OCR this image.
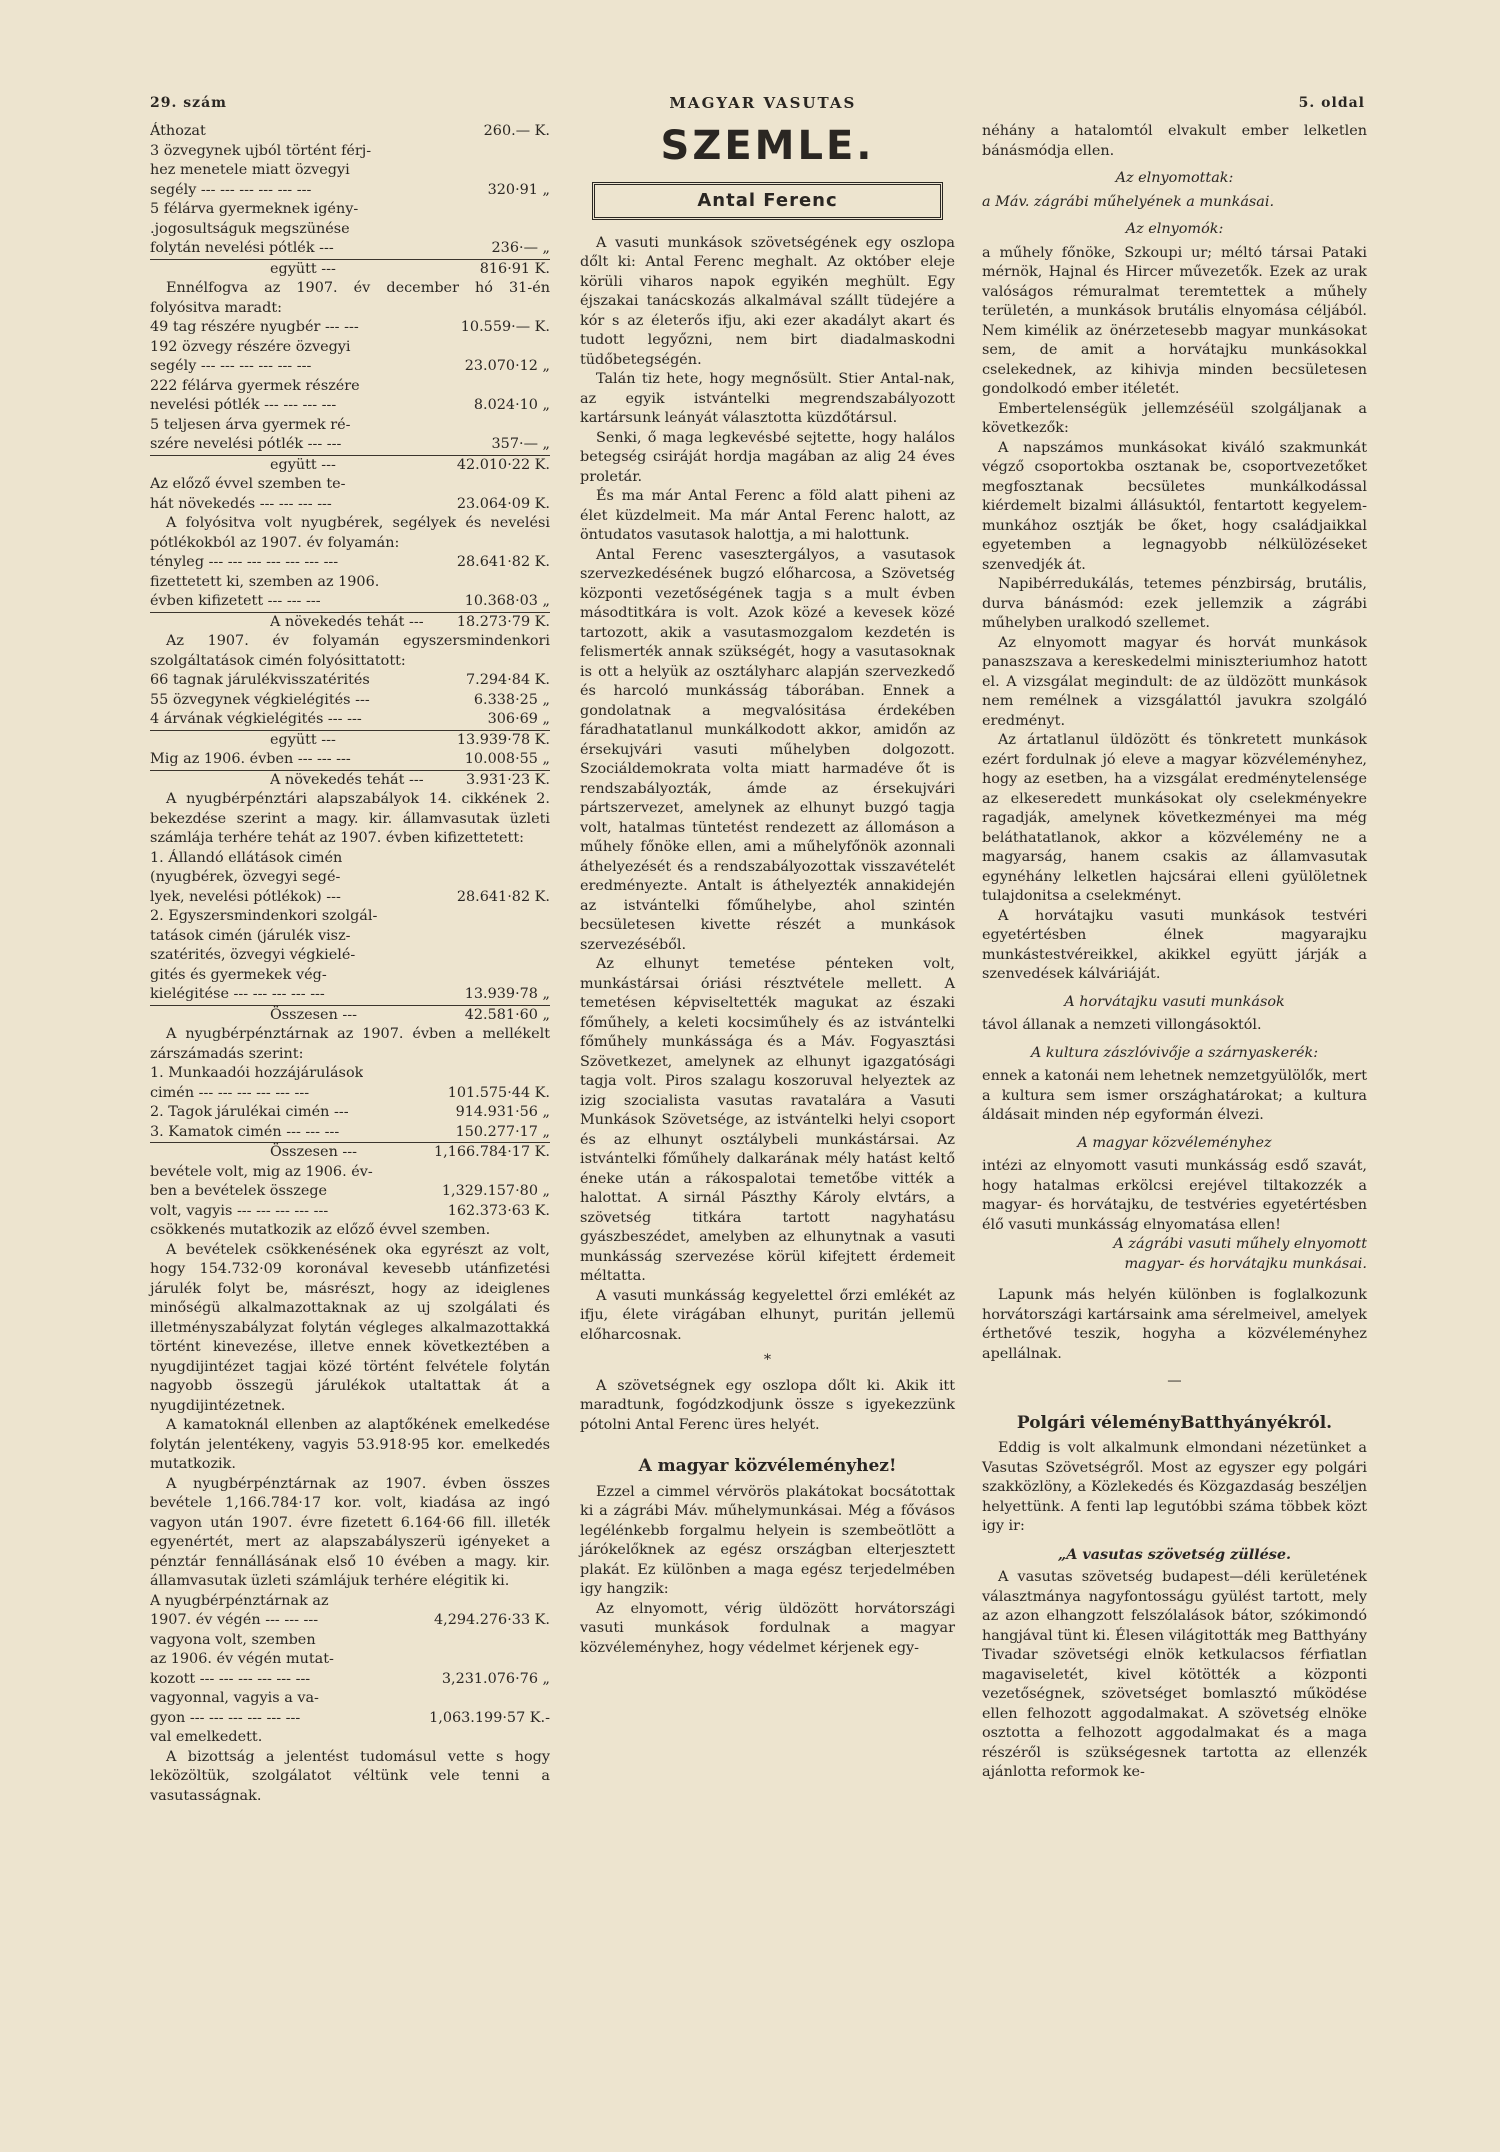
29. szám	MAGYAR VASUTAS	5. oldal
Áthozat	260.— K.
3 özvegynek ujból történt férj-
hez menetele miatt özvegyi
segély --- --- --- --- --- ---	320·91 „
5 félárva gyermeknek igény-
.jogosultságuk megszünése
folytán nevelési pótlék ---	236·— „
együtt ---	816·91 K.

Ennélfogva az 1907. év december hó 31-én folyósitva maradt:

49 tag részére nyugbér --- ---	10.559·— K.
192 özvegy részére özvegyi
segély --- --- --- --- --- ---	23.070·12 „
222 félárva gyermek részére
nevelési pótlék --- --- --- ---	8.024·10 „
5 teljesen árva gyermek ré-
szére nevelési pótlék --- ---	357·— „
együtt ---	42.010·22 K.
Az előző évvel szemben te-
hát növekedés --- --- --- ---	23.064·09 K.

A folyósitva volt nyugbérek, segélyek és nevelési pótlékokból az 1907. év folyamán:

tényleg --- --- --- --- --- --- ---	28.641·82 K.
fizettetett ki, szemben az 1906.
évben kifizetett --- --- ---	10.368·03 „
A növekedés tehát ---	18.273·79 K.

Az 1907. év folyamán egyszersmindenkori szolgáltatások cimén folyósittatott:

66 tagnak járulékvisszatérités	7.294·84 K.
55 özvegynek végkielégités ---	6.338·25 „
4 árvának végkielégités --- ---	306·69 „
együtt ---	13.939·78 K.
Mig az 1906. évben --- --- ---	10.008·55 „
A növekedés tehát ---	3.931·23 K.

A nyugbérpénztári alapszabályok 14. cikkének 2. bekezdése szerint a magy. kir. államvasutak üzleti számlája terhére tehát az 1907. évben kifizettetett:

1. Állandó ellátások cimén
(nyugbérek, özvegyi segé-
lyek, nevelési pótlékok) ---	28.641·82 K.
2. Egyszersmindenkori szolgál-
tatások cimén (járulék visz-
szatérités, özvegyi végkielé-
gités és gyermekek vég-
kielégitése --- --- --- --- ---	13.939·78 „
Összesen ---	42.581·60 „

A nyugbérpénztárnak az 1907. évben a mellékelt zárszámadás szerint:

1. Munkaadói hozzájárulások
cimén --- --- --- --- --- ---	101.575·44 K.
2. Tagok járulékai cimén ---	914.931·56 „
3. Kamatok cimén --- --- ---	150.277·17 „
Összesen ---	1,166.784·17 K.
bevétele volt, mig az 1906. év-
ben a bevételek összege	1,329.157·80 „
volt, vagyis --- --- --- --- ---	162.373·63 K.

csökkenés mutatkozik az előző évvel szemben.

A bevételek csökkenésének oka egyrészt az volt, hogy 154.732·09 koronával kevesebb utánfizetési járulék folyt be, másrészt, hogy az ideiglenes minőségü alkalmazottaknak az uj szolgálati és illetményszabályzat folytán végleges alkalmazottakká történt kinevezése, illetve ennek következtében a nyugdijintézet tagjai közé történt felvétele folytán nagyobb összegü járulékok utaltattak át a nyugdijintézetnek.

A kamatoknál ellenben az alaptőkének emelkedése folytán jelentékeny, vagyis 53.918·95 kor. emelkedés mutatkozik.

A nyugbérpénztárnak az 1907. évben összes bevétele 1,166.784·17 kor. volt, kiadása az ingó vagyon után 1907. évre fizetett 6.164·66 fill. illeték egyenértét, mert az alapszabályszerü igényeket a pénztár fennállásának első 10 évében a magy. kir. államvasutak üzleti számlájuk terhére elégitik ki.

A nyugbérpénztárnak az
1907. év végén --- --- ---	4,294.276·33 K.
vagyona volt, szemben
az 1906. év végén mutat-
kozott --- --- --- --- --- ---	3,231.076·76 „
vagyonnal, vagyis a va-
gyon --- --- --- --- --- ---	1,063.199·57 K.-

val emelkedett.

A bizottság a jelentést tudomásul vette s hogy leközöltük, szolgálatot véltünk vele tenni a vasutasságnak.

SZEMLE.
Antal Ferenc

A vasuti munkások szövetségének egy oszlopa dőlt ki: Antal Ferenc meghalt. Az október eleje körüli viharos napok egyikén meghült. Egy éjszakai tanácskozás alkalmával szállt tüdejére a kór s az életerős ifju, aki ezer akadályt akart és tudott legyőzni, nem birt diadalmaskodni tüdőbetegségén.

Talán tiz hete, hogy megnősült. Stier Antal-nak, az egyik istvántelki megrendszabályozott kartársunk leányát választotta küzdőtársul.

Senki, ő maga legkevésbé sejtette, hogy halálos betegség csiráját hordja magában az alig 24 éves proletár.

És ma már Antal Ferenc a föld alatt piheni az élet küzdelmeit. Ma már Antal Ferenc halott, az öntudatos vasutasok halottja, a mi halottunk.

Antal Ferenc vasesztergályos, a vasutasok szervezkedésének bugzó előharcosa, a Szövetség központi vezetőségének tagja s a mult évben másodtitkára is volt. Azok közé a kevesek közé tartozott, akik a vasutasmozgalom kezdetén is felismerték annak szükségét, hogy a vasutasoknak is ott a helyük az osztályharc alapján szervezkedő és harcoló munkásság táborában. Ennek a gondolatnak a megvalósitása érdekében fáradhatatlanul munkálkodott akkor, amidőn az érsekujvári vasuti műhelyben dolgozott. Szociáldemokrata volta miatt harmadéve őt is rendszabályozták, ámde az érsekujvári pártszervezet, amelynek az elhunyt buzgó tagja volt, hatalmas tüntetést rendezett az állomáson a műhely főnöke ellen, ami a műhelyfőnök azonnali áthelyezését és a rendszabályozottak visszavételét eredményezte. Antalt is áthelyezték annakidején az istvántelki főműhelybe, ahol szintén becsületesen kivette részét a munkások szervezéséből.

Az elhunyt temetése pénteken volt, munkástársai óriási résztvétele mellett. A temetésen képviseltették magukat az északi főműhely, a keleti kocsiműhely és az istvántelki főműhely munkássága és a Máv. Fogyasztási Szövetkezet, amelynek az elhunyt igazgatósági tagja volt. Piros szalagu koszoruval helyeztek az izig szocialista vasutas ravatalára a Vasuti Munkások Szövetsége, az istvántelki helyi csoport és az elhunyt osztálybeli munkástársai. Az istvántelki főműhely dalkarának mély hatást keltő éneke után a rákospalotai temetőbe vitték a halottat. A sirnál Pászthy Károly elvtárs, a szövetség titkára tartott nagyhatásu gyászbeszédet, amelyben az elhunytnak a vasuti munkásság szervezése körül kifejtett érdemeit méltatta.

A vasuti munkásság kegyelettel őrzi emlékét az ifju, élete virágában elhunyt, puritán jellemü előharcosnak.

*

A szövetségnek egy oszlopa dőlt ki. Akik itt maradtunk, fogódzkodjunk össze s igyekezzünk pótolni Antal Ferenc üres helyét.

A magyar közvéleményhez!

Ezzel a cimmel vérvörös plakátokat bocsátottak ki a zágrábi Máv. műhelymunkásai. Még a fővásos legélénkebb forgalmu helyein is szembeötlött a járókelőknek az egész országban elterjesztett plakát. Ez különben a maga egész terjedelmében igy hangzik:

Az elnyomott, vérig üldözött horvátországi vasuti munkások fordulnak a magyar közvéleményhez, hogy védelmet kérjenek egy-

néhány a hatalomtól elvakult ember lelketlen bánásmódja ellen.

Az elnyomottak:

a Máv. zágrábi műhelyének a munkásai.

Az elnyomók:

a műhely főnöke, Szkoupi ur; méltó társai Pataki mérnök, Hajnal és Hircer művezetők. Ezek az urak valóságos rémuralmat teremtettek a műhely területén, a munkások brutális elnyomása céljából. Nem kimélik az önérzetesebb magyar munkásokat sem, de amit a horvátajku munkásokkal cselekednek, az kihivja minden becsületesen gondolkodó ember itéletét.

Embertelenségük jellemzéséül szolgáljanak a következők:

A napszámos munkásokat kiváló szakmunkát végző csoportokba osztanak be, csoportvezetőket megfosztanak becsületes munkálkodással kiérdemelt bizalmi állásuktól, fentartott kegyelem-munkához osztják be őket, hogy családjaikkal egyetemben a legnagyobb nélkülözéseket szenvedjék át.

Napibérredukálás, tetemes pénzbirság, brutális, durva bánásmód: ezek jellemzik a zágrábi műhelyben uralkodó szellemet.

Az elnyomott magyar és horvát munkások panaszszava a kereskedelmi miniszteriumhoz hatott el. A vizsgálat megindult: de az üldözött munkások nem remélnek a vizsgálattól javukra szolgáló eredményt.

Az ártatlanul üldözött és tönkretett munkások ezért fordulnak jó eleve a magyar közvéleményhez, hogy az esetben, ha a vizsgálat eredménytelensége az elkeseredett munkásokat oly cselekményekre ragadják, amelynek következményei ma még beláthatatlanok, akkor a közvélemény ne a magyarság, hanem csakis az államvasutak egynéhány lelketlen hajcsárai elleni gyülöletnek tulajdonitsa a cselekményt.

A horvátajku vasuti munkások testvéri egyetértésben élnek magyarajku munkástestvéreikkel, akikkel együtt járják a szenvedések kálváriáját.

A horvátajku vasuti munkások

távol állanak a nemzeti villongásoktól.

A kultura zászlóvivője a szárnyaskerék:

ennek a katonái nem lehetnek nemzetgyülölők, mert a kultura sem ismer országhatárokat; a kultura áldásait minden nép egyformán élvezi.

A magyar közvéleményhez

intézi az elnyomott vasuti munkásság esdő szavát, hogy hatalmas erkölcsi erejével tiltakozzék a magyar- és horvátajku, de testvéries egyetértésben élő vasuti munkásság elnyomatása ellen!

A zágrábi vasuti műhely elnyomott

magyar- és horvátajku munkásai.

Lapunk más helyén különben is foglalkozunk horvátországi kartársaink ama sérelmeivel, amelyek érthetővé teszik, hogyha a közvéleményhez apellálnak.

—

Polgári véleményBatthyányékról.

Eddig is volt alkalmunk elmondani nézetünket a Vasutas Szövetségről. Most az egyszer egy polgári szakközlöny, a Közlekedés és Közgazdaság beszéljen helyettünk. A fenti lap legutóbbi száma többek közt igy ir:

„A vasutas szövetség züllése.

A vasutas szövetség budapest—déli kerületének választmánya nagyfontosságu gyülést tartott, mely az azon elhangzott felszólalások bátor, szókimondó hangjával tünt ki. Élesen világitották meg Batthyány Tivadar szövetségi elnök ketkulacsos férfiatlan magaviseletét, kivel kötötték a központi vezetőségnek, szövetséget bomlasztó működése ellen felhozott aggodalmakat. A szövetség elnöke osztotta a felhozott aggodalmakat és a maga részéről is szükségesnek tartotta az ellenzék ajánlotta reformok ke-
